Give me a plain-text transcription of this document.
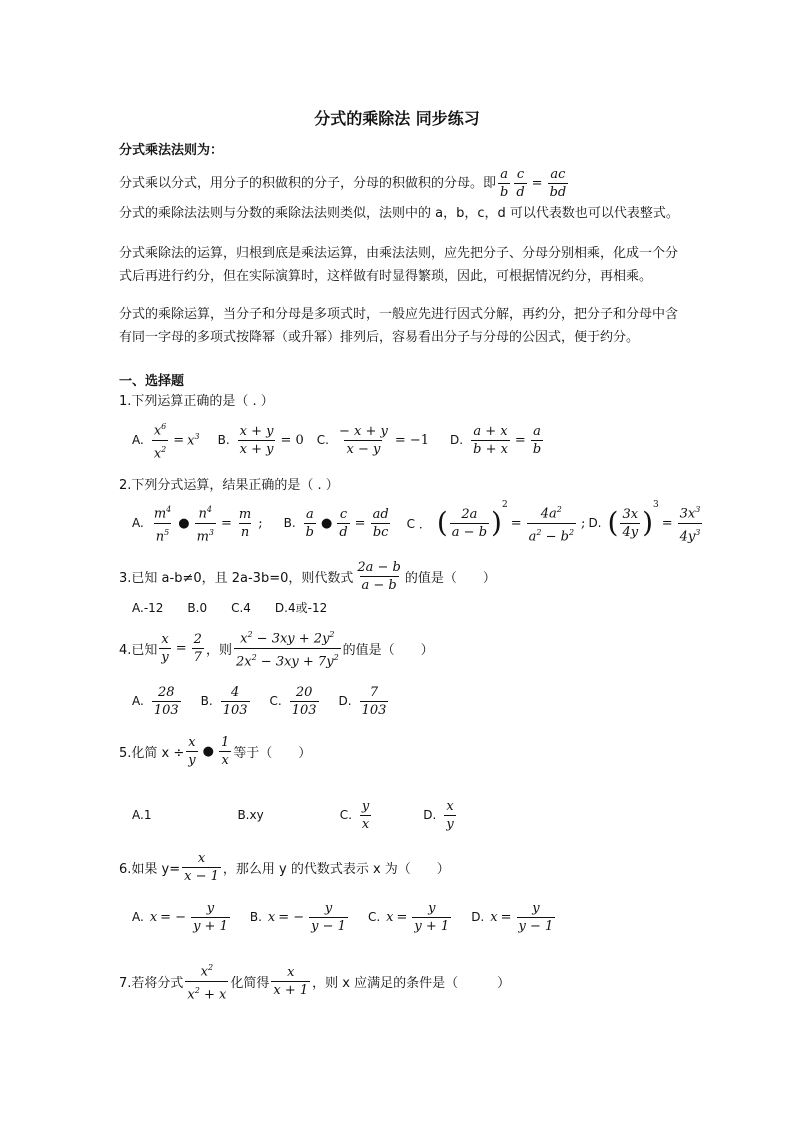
分式的乘除法 同步练习
分式乘法法则为：
分式乘以分式，用分子的积做积的分子，分母的积做积的分母。即 $\frac{a}{b} \frac{c}{d} = \frac{ac}{bd}$
分式的乘除法法则与分数的乘除法法则类似，法则中的 a，b，c，d 可以代表数也可以代表整式。
分式乘除法的运算，归根到底是乘法运算，由乘法法则，应先把分子、分母分别相乘，化成一个分式后再进行约分，但在实际演算时，这样做有时显得繁琐，因此，可根据情况约分，再相乘。
分式的乘除运算，当分子和分母是多项式时，一般应先进行因式分解，再约分，把分子和分母中含有同一字母的多项式按降幂（或升幂）排列后，容易看出分子与分母的公因式，便于约分。
一、选择题
1.下列运算正确的是（ . ）
A. $\frac{x^6}{x^2} = x^3$ B. $\frac{x + y}{x + y} = 0$ C. $\frac{- x + y}{x - y} = -1$ D. $\frac{a + x}{b + x} = \frac{a}{b}$
2.下列分式运算，结果正确的是（ . ）
A. $\frac{m^4}{n^5}$ ● $\frac{n^4}{m^3} = \frac{m}{n}$ ; B. $\frac{a}{b}$ ● $\frac{c}{d} = \frac{ad}{bc}$ C ． ( $\frac{2a}{a - b}$ )
2
= $\frac{4a^2}{a^2 - b^2}$ ; D. ( $\frac{3x}{4y}$ )
3
= $\frac{3x^3}{4y^3}$
3.已知 a-b≠0，且 2a-3b=0，则代数式 $\frac{2a - b}{a - b}$ 的值是（　　）
A.-12　　B.0　　C.4　　D.4或-12
4.已知 $\frac{x}{y} = \frac{2}{7}$ ，则 $\frac{x^2 - 3xy + 2y^2}{2x^2 - 3xy + 7y^2}$ 的值是（　　）
A. $\frac{28}{103} B$. $\frac{4}{103} C$. $\frac{20}{103} D$. $\frac{7}{103}$
5.化简 $x \div \frac{x}{y}$ ● $\frac{1}{x}$ 等于（　　）
A.1	B.xy	C. $\frac{y}{x}$	D. $\frac{x}{y}$
6.如果 $y= \frac{x}{x - 1}$ ，那么用 y 的代数式表示 x 为（　　）
A. x = − $\frac{y}{y + 1} B$. x = − $\frac{y}{y - 1} C$. $x = \frac{y}{y + 1} D$. $x = \frac{y}{y - 1}$
7.若将分式 $\frac{x^2}{x^2 + x}$ 化简得 $\frac{x}{x + 1}$ ，则 x 应满足的条件是（　　　）
